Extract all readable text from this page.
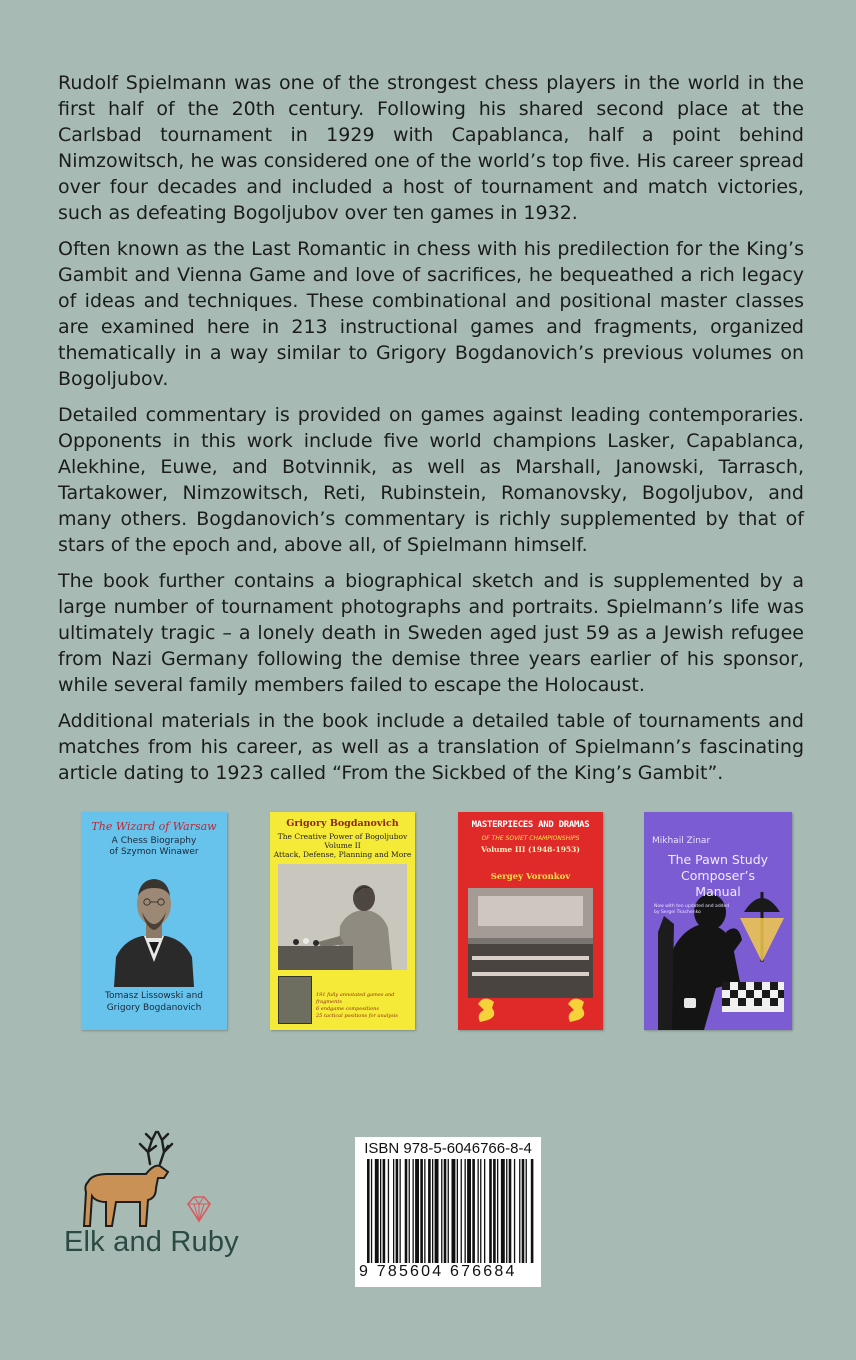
Rudolf Spielmann was one of the strongest chess players in the world in the first half of the 20th century. Following his shared second place at the Carlsbad tournament in 1929 with Capablanca, half a point behind Nimzowitsch, he was considered one of the world’s top five. His career spread over four decades and included a host of tournament and match victories, such as defeating Bogoljubov over ten games in 1932.

Often known as the Last Romantic in chess with his predilection for the King’s Gambit and Vienna Game and love of sacrifices, he bequeathed a rich legacy of ideas and techniques. These combinational and positional master classes are examined here in 213 instructional games and fragments, organized thematically in a way similar to Grigory Bogdanovich’s previous volumes on Bogoljubov.

Detailed commentary is provided on games against leading contemporaries. Opponents in this work include five world champions Lasker, Capablanca, Alekhine, Euwe, and Botvinnik, as well as Marshall, Janowski, Tarrasch, Tartakower, Nimzowitsch, Reti, Rubinstein, Romanovsky, Bogoljubov, and many others. Bogdanovich’s commentary is richly supplemented by that of stars of the epoch and, above all, of Spielmann himself.

The book further contains a biographical sketch and is supplemented by a large number of tournament photographs and portraits. Spielmann’s life was ultimately tragic – a lonely death in Sweden aged just 59 as a Jewish refugee from Nazi Germany following the demise three years earlier of his sponsor, while several family members failed to escape the Holocaust.

Additional materials in the book include a detailed table of tournaments and matches from his career, as well as a translation of Spielmann’s fascinating article dating to 1923 called “From the Sickbed of the King’s Gambit”.

The Wizard of Warsaw
A Chess Biography
of Szymon Winawer
Tomasz Lissowski and
Grigory Bogdanovich
Grigory Bogdanovich
The Creative Power of Bogoljubov
Volume II
Attack, Defense, Planning and More
191 fully annotated games and fragments
6 endgame compositions
25 tactical positions for analysis
MASTERPIECES AND DRAMAS
OF THE SOVIET CHAMPIONSHIPS
Volume III (1948-1953)
Sergey Voronkov
Mikhail Zinar
The Pawn Study
Composer’s
Manual
Now with ten updated and added
by Sergei Tkachenko
Elk and Ruby
ISBN 978-5-6046766-8-4
9 785604 676684
